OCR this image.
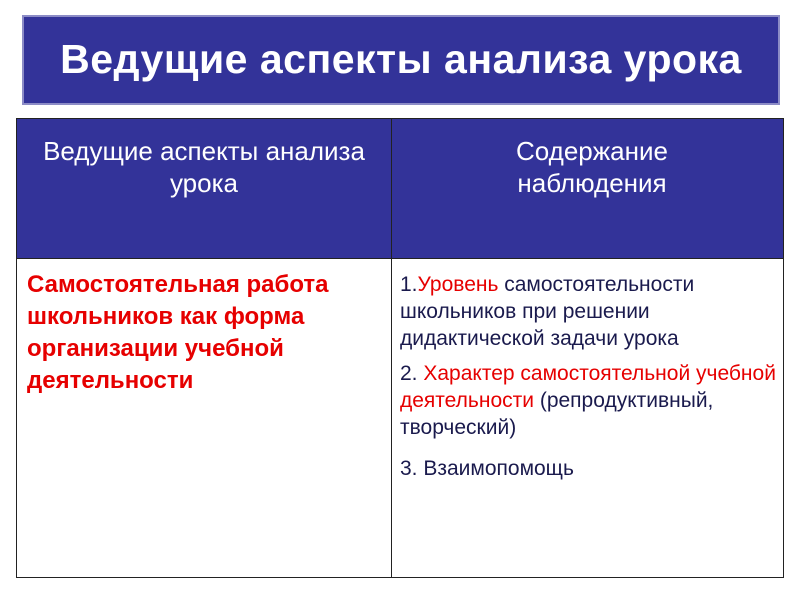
Ведущие аспекты анализа урока
Ведущие аспекты анализа урока
Содержание наблюдения
Самостоятельная работа школьников как форма организации учебной деятельности
1.Уровень самостоятельности школьников при решении дидактической задачи урока
2. Характер самостоятельной учебной деятельности (репродуктивный, творческий)
3. Взаимопомощь
